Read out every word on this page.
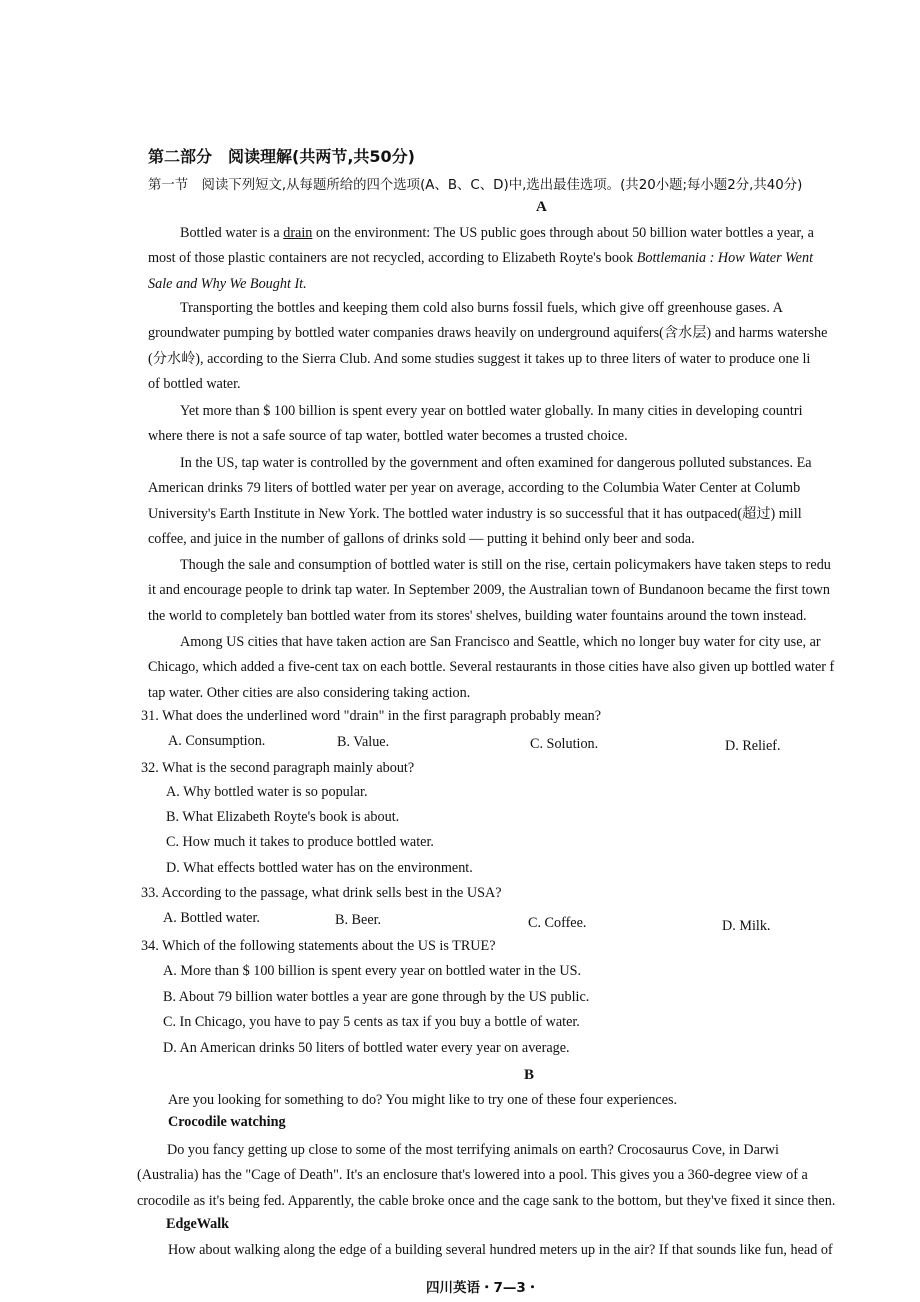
第二部分　阅读理解(共两节,共50分)
第一节　阅读下列短文,从每题所给的四个选项(A、B、C、D)中,选出最佳选项。(共20小题;每小题2分,共40分)
A
Bottled water is a drain on the environment: The US public goes through about 50 billion water bottles a year, a
most of those plastic containers are not recycled, according to Elizabeth Royte's book Bottlemania : How Water Went
Sale and Why We Bought It.
Transporting the bottles and keeping them cold also burns fossil fuels, which give off greenhouse gases. A
groundwater pumping by bottled water companies draws heavily on underground aquifers(含水层) and harms watershe
(分水岭), according to the Sierra Club. And some studies suggest it takes up to three liters of water to produce one li
of bottled water.
Yet more than $ 100 billion is spent every year on bottled water globally. In many cities in developing countri
where there is not a safe source of tap water, bottled water becomes a trusted choice.
In the US, tap water is controlled by the government and often examined for dangerous polluted substances. Ea
American drinks 79 liters of bottled water per year on average, according to the Columbia Water Center at Columb
University's Earth Institute in New York. The bottled water industry is so successful that it has outpaced(超过) mill
coffee, and juice in the number of gallons of drinks sold — putting it behind only beer and soda.
Though the sale and consumption of bottled water is still on the rise, certain policymakers have taken steps to redu
it and encourage people to drink tap water. In September 2009, the Australian town of Bundanoon became the first town
the world to completely ban bottled water from its stores' shelves, building water fountains around the town instead.
Among US cities that have taken action are San Francisco and Seattle, which no longer buy water for city use, ar
Chicago, which added a five-cent tax on each bottle. Several restaurants in those cities have also given up bottled water f
tap water. Other cities are also considering taking action.
31. What does the underlined word "drain" in the first paragraph probably mean?
A. Consumption.	B. Value.	C. Solution.	D. Relief.
32. What is the second paragraph mainly about?
A. Why bottled water is so popular.
B. What Elizabeth Royte's book is about.
C. How much it takes to produce bottled water.
D. What effects bottled water has on the environment.
33. According to the passage, what drink sells best in the USA?
A. Bottled water.	B. Beer.	C. Coffee.	D. Milk.
34. Which of the following statements about the US is TRUE?
A. More than $ 100 billion is spent every year on bottled water in the US.
B. About 79 billion water bottles a year are gone through by the US public.
C. In Chicago, you have to pay 5 cents as tax if you buy a bottle of water.
D. An American drinks 50 liters of bottled water every year on average.
B
Are you looking for something to do? You might like to try one of these four experiences.
Crocodile watching
Do you fancy getting up close to some of the most terrifying animals on earth? Crocosaurus Cove, in Darwi
(Australia) has the "Cage of Death". It's an enclosure that's lowered into a pool. This gives you a 360-degree view of a
crocodile as it's being fed. Apparently, the cable broke once and the cage sank to the bottom, but they've fixed it since then.
EdgeWalk
How about walking along the edge of a building several hundred meters up in the air? If that sounds like fun, head of
四川英语・7—3・
